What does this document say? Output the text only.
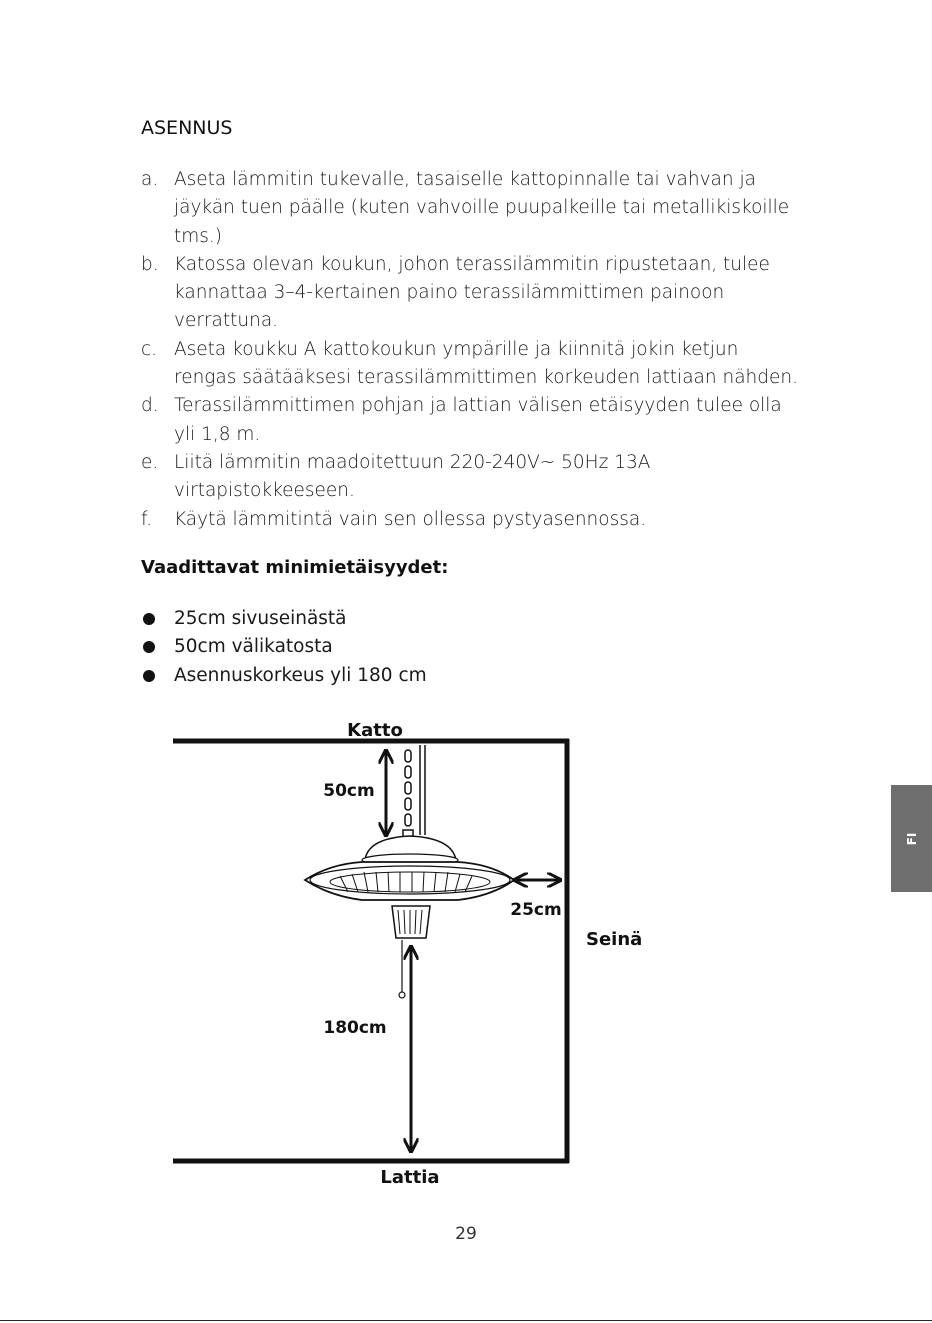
ASENNUS
a. Aseta lämmitin tukevalle, tasaiselle kattopinnalle tai vahvan ja jäykän tuen päälle (kuten vahvoille puupalkeille tai metallikiskoille tms.)
b. Katossa olevan koukun, johon terassilämmitin ripustetaan, tulee kannattaa 3–4-kertainen paino terassilämmittimen painoon verrattuna.
c. Aseta koukku A kattokoukun ympärille ja kiinnitä jokin ketjun rengas säätääksesi terassilämmittimen korkeuden lattiaan nähden.
d. Terassilämmittimen pohjan ja lattian välisen etäisyyden tulee olla yli 1,8 m.
e. Liitä lämmitin maadoitettuun 220-240V~ 50Hz 13A virtapistokkeeseen.
f. Käytä lämmitintä vain sen ollessa pystyasennossa.
Vaadittavat minimietäisyydet:
25cm sivuseinästä
50cm välikatosta
Asennuskorkeus yli 180 cm
Katto
50cm
25cm
Seinä
180cm
Lattia
FI
29
